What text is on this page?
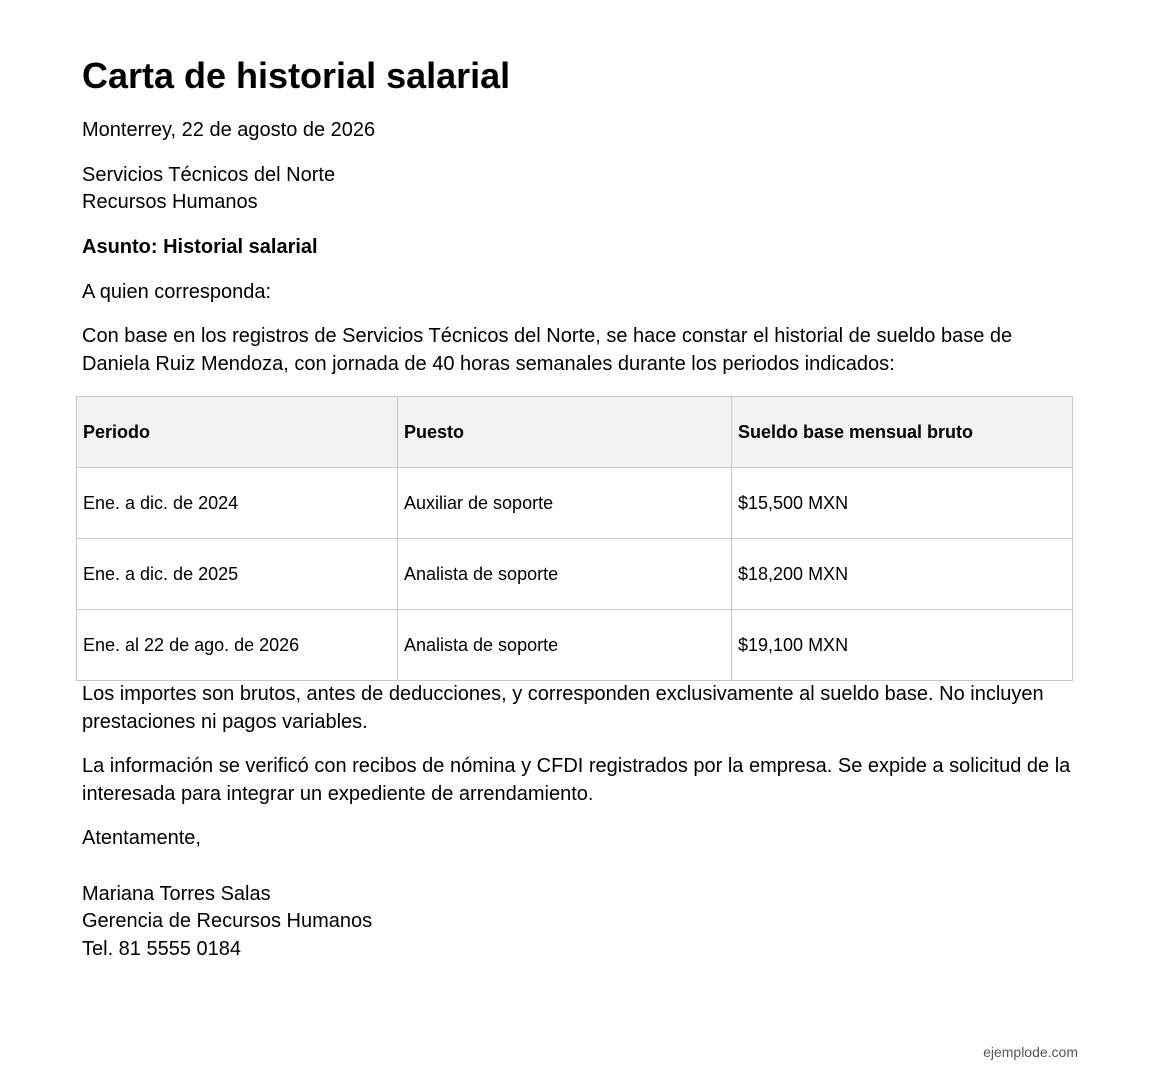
Carta de historial salarial

Monterrey, 22 de agosto de 2026

Servicios Técnicos del Norte

Recursos Humanos

Asunto: Historial salarial

A quien corresponda:

Con base en los registros de Servicios Técnicos del Norte, se hace constar el historial de sueldo base de Daniela Ruiz Mendoza, con jornada de 40 horas semanales durante los periodos indicados:

Periodo	Puesto	Sueldo base mensual bruto
Ene. a dic. de 2024	Auxiliar de soporte	$15,500 MXN
Ene. a dic. de 2025	Analista de soporte	$18,200 MXN
Ene. al 22 de ago. de 2026	Analista de soporte	$19,100 MXN

Los importes son brutos, antes de deducciones, y corresponden exclusivamente al sueldo base. No incluyen prestaciones ni pagos variables.

La información se verificó con recibos de nómina y CFDI registrados por la empresa. Se expide a solicitud de la interesada para integrar un expediente de arrendamiento.

Atentamente,

Mariana Torres Salas

Gerencia de Recursos Humanos

Tel. 81 5555 0184

ejemplode.com
